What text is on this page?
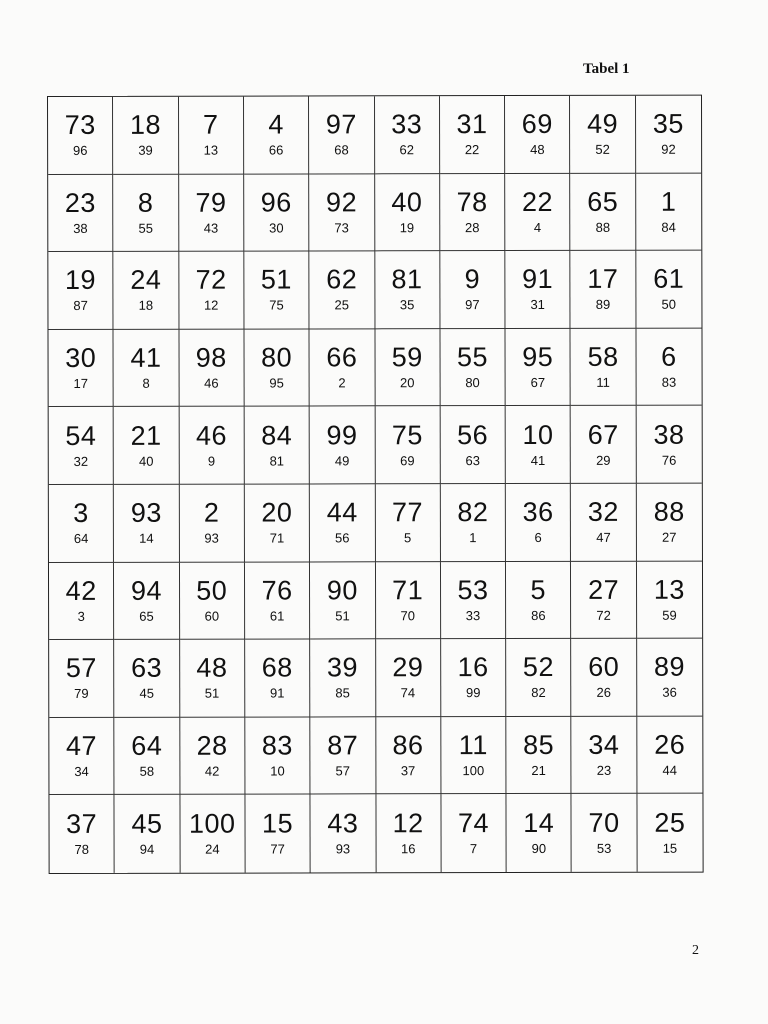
Tabel 1
73
96
18
39
7
13
4
66
97
68
33
62
31
22
69
48
49
52
35
92
23
38
8
55
79
43
96
30
92
73
40
19
78
28
22
4
65
88
1
84
19
87
24
18
72
12
51
75
62
25
81
35
9
97
91
31
17
89
61
50
30
17
41
8
98
46
80
95
66
2
59
20
55
80
95
67
58
11
6
83
54
32
21
40
46
9
84
81
99
49
75
69
56
63
10
41
67
29
38
76
3
64
93
14
2
93
20
71
44
56
77
5
82
1
36
6
32
47
88
27
42
3
94
65
50
60
76
61
90
51
71
70
53
33
5
86
27
72
13
59
57
79
63
45
48
51
68
91
39
85
29
74
16
99
52
82
60
26
89
36
47
34
64
58
28
42
83
10
87
57
86
37
11
100
85
21
34
23
26
44
37
78
45
94
100
24
15
77
43
93
12
16
74
7
14
90
70
53
25
15
2
